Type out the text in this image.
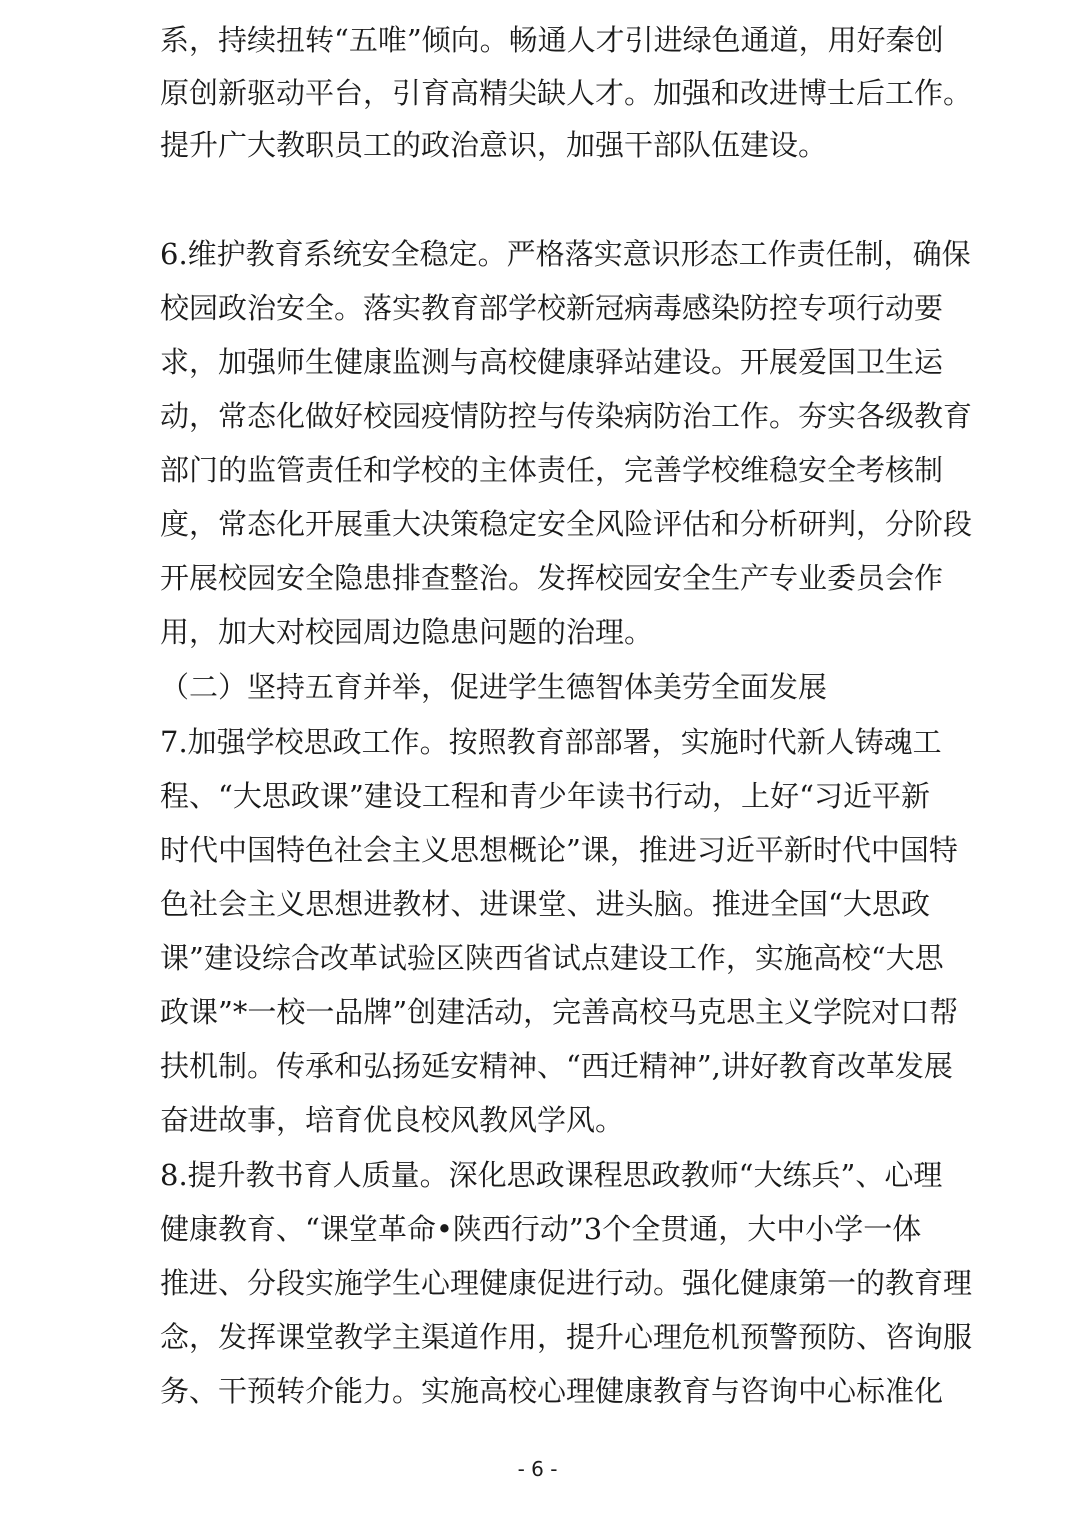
系，持续扭转“五唯”倾向。畅通人才引进绿色通道，用好秦创
原创新驱动平台，引育高精尖缺人才。加强和改进博士后工作。
提升广大教职员工的政治意识，加强干部队伍建设。
6.维护教育系统安全稳定。严格落实意识形态工作责任制，确保
校园政治安全。落实教育部学校新冠病毒感染防控专项行动要
求，加强师生健康监测与高校健康驿站建设。开展爱国卫生运
动，常态化做好校园疫情防控与传染病防治工作。夯实各级教育
部门的监管责任和学校的主体责任，完善学校维稳安全考核制
度，常态化开展重大决策稳定安全风险评估和分析研判，分阶段
开展校园安全隐患排查整治。发挥校园安全生产专业委员会作
用，加大对校园周边隐患问题的治理。
（二）坚持五育并举，促进学生德智体美劳全面发展
7.加强学校思政工作。按照教育部部署，实施时代新人铸魂工
程、“大思政课”建设工程和青少年读书行动，上好“习近平新
时代中国特色社会主义思想概论”课，推进习近平新时代中国特
色社会主义思想进教材、进课堂、进头脑。推进全国“大思政
课”建设综合改革试验区陕西省试点建设工作，实施高校“大思
政课”*一校一品牌”创建活动，完善高校马克思主义学院对口帮
扶机制。传承和弘扬延安精神、“西迁精神”,讲好教育改革发展
奋进故事，培育优良校风教风学风。
8.提升教书育人质量。深化思政课程思政教师“大练兵”、心理
健康教育、“课堂革命•陕西行动”3个全贯通，大中小学一体
推进、分段实施学生心理健康促进行动。强化健康第一的教育理
念，发挥课堂教学主渠道作用，提升心理危机预警预防、咨询服
务、干预转介能力。实施高校心理健康教育与咨询中心标准化
- 6 -
